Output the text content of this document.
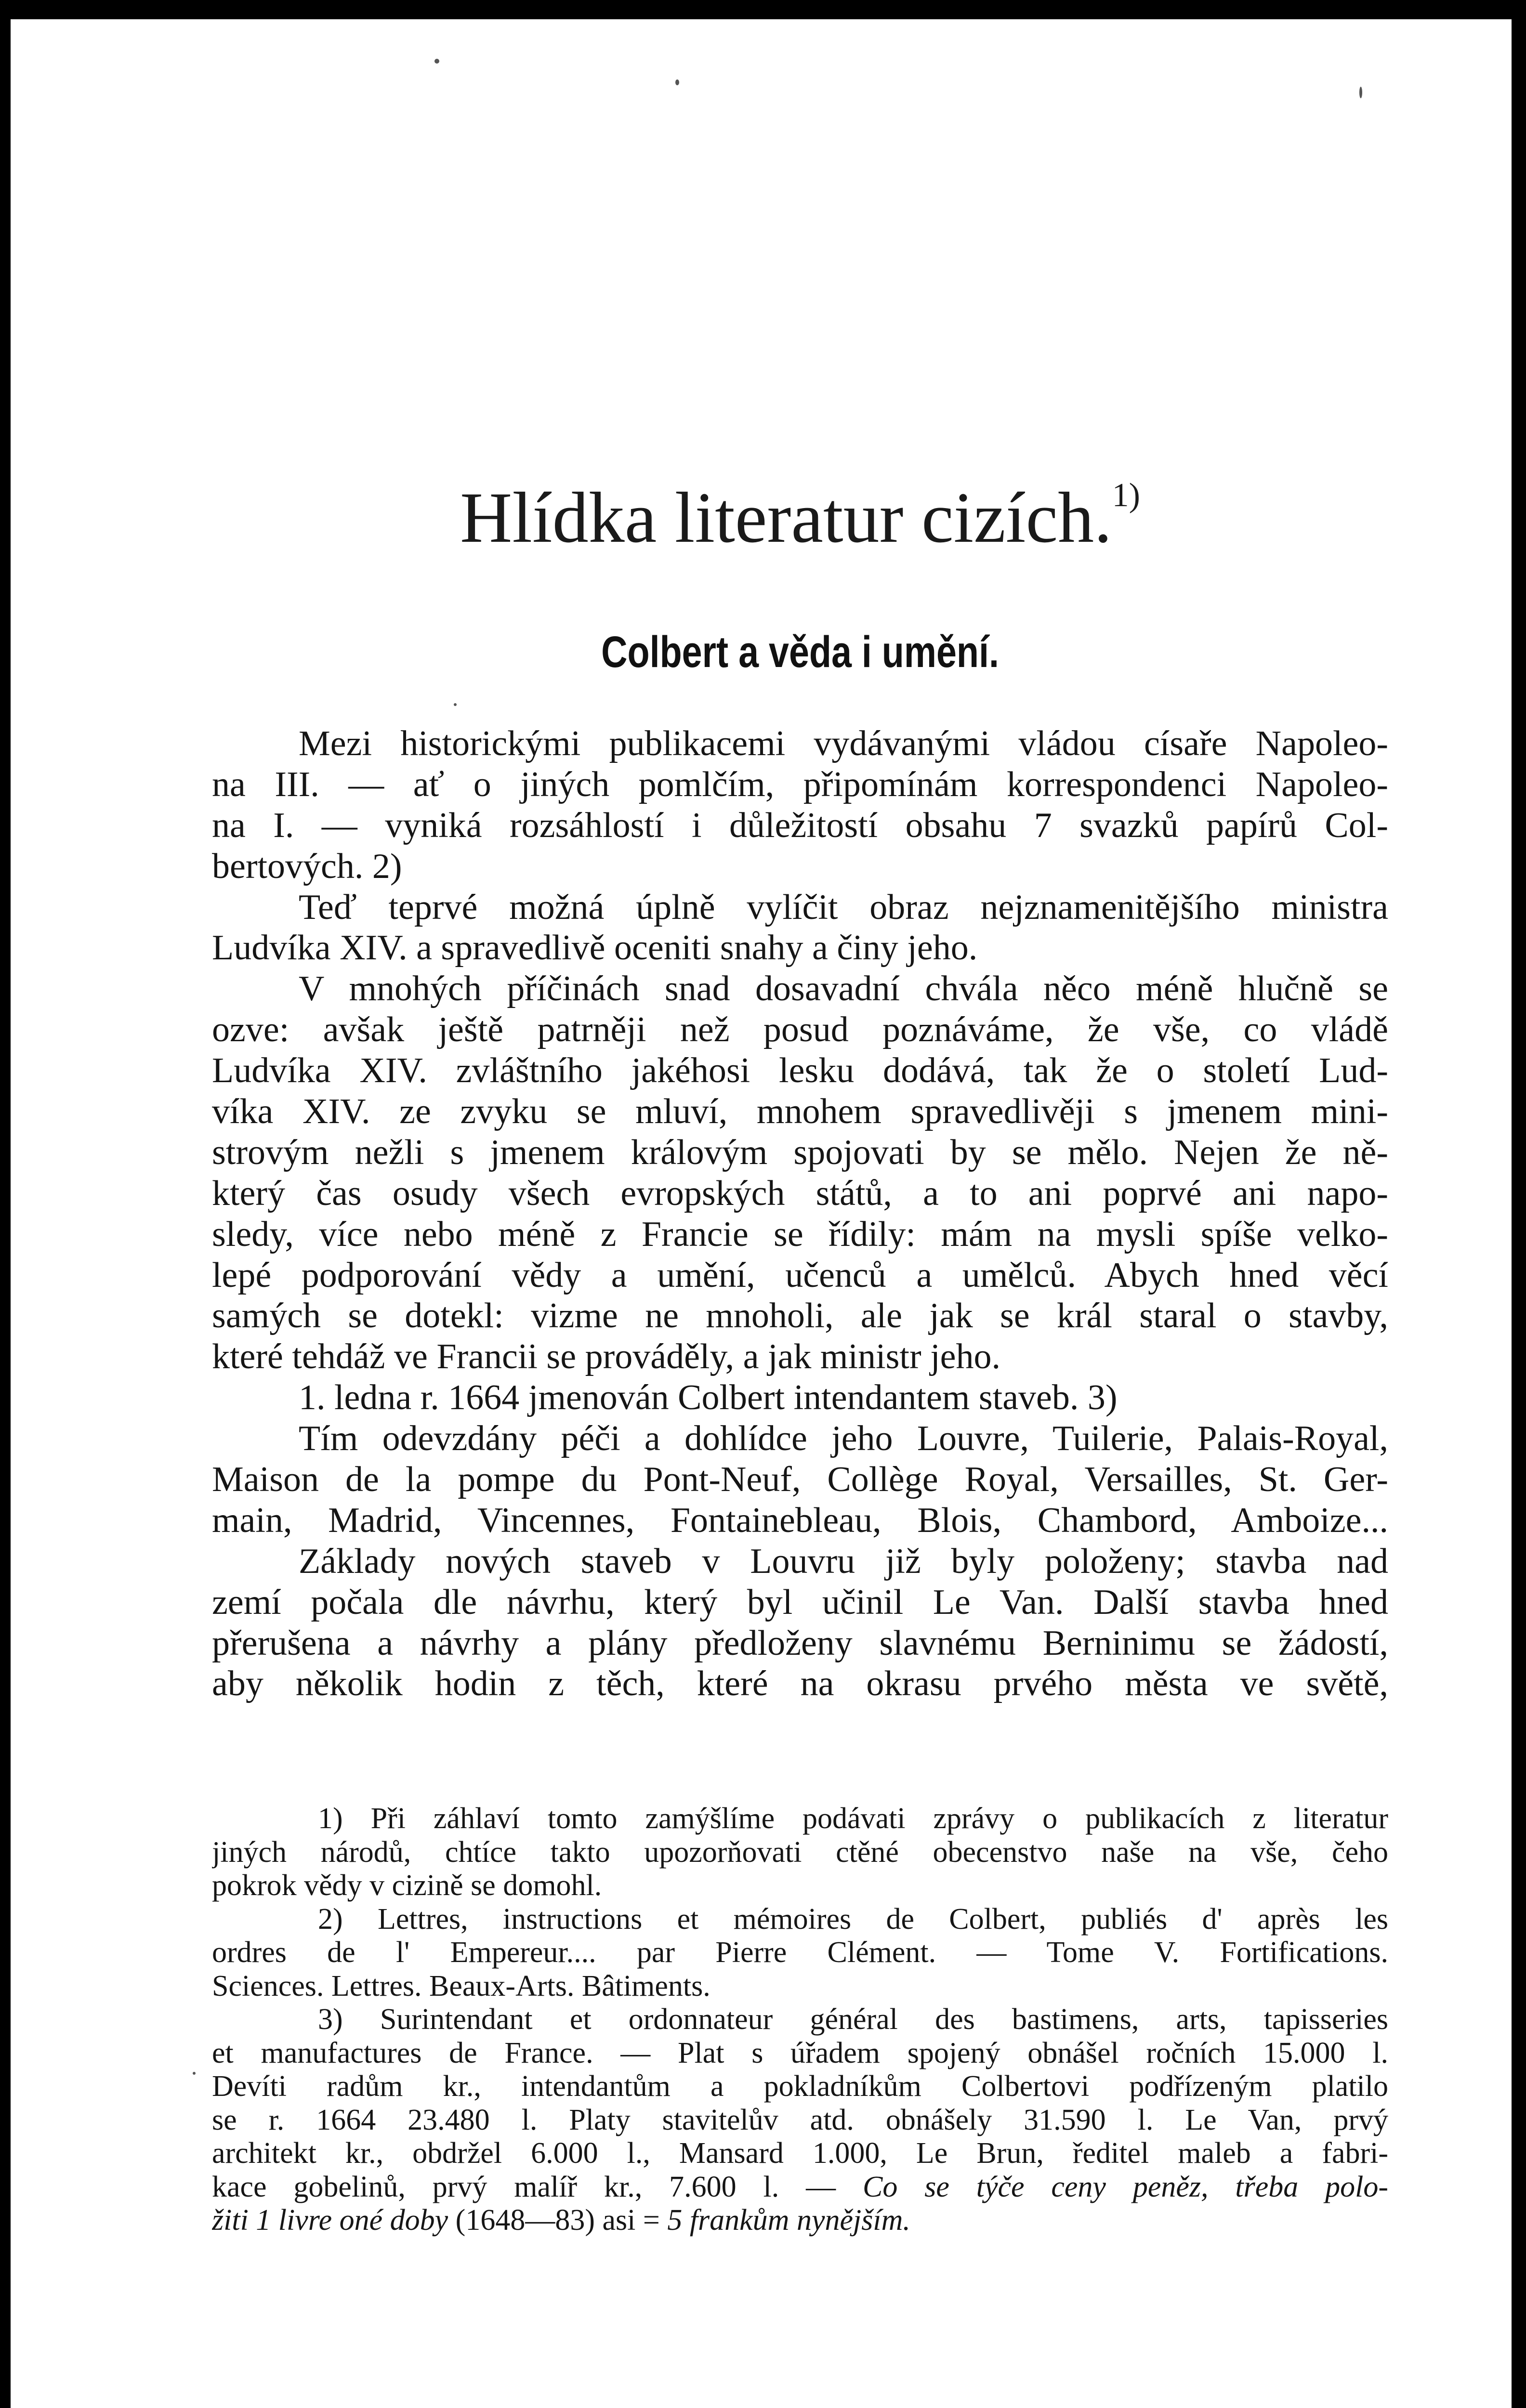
Hlídka literatur cizích.$^{1)}$
Colbert a věda i umění.
Mezi historickými publikacemi vydávanými vládou císaře Napoleo-
na III. — ať o jiných pomlčím, připomínám korrespondenci Napoleo-
na I. — vyniká rozsáhlostí i důležitostí obsahu 7 svazků papírů Col-
bertových. 2)
Teď teprvé možná úplně vylíčit obraz nejznamenitějšího ministra
Ludvíka XIV. a spravedlivě oceniti snahy a činy jeho.
V mnohých příčinách snad dosavadní chvála něco méně hlučně se
ozve: avšak ještě patrněji než posud poznáváme, že vše, co vládě
Ludvíka XIV. zvláštního jakéhosi lesku dodává, tak že o století Lud-
víka XIV. ze zvyku se mluví, mnohem spravedlivěji s jmenem mini-
strovým nežli s jmenem královým spojovati by se mělo. Nejen že ně-
který čas osudy všech evropských států, a to ani poprvé ani napo-
sledy, více nebo méně z Francie se řídily: mám na mysli spíše velko-
lepé podporování vědy a umění, učenců a umělců. Abych hned věcí
samých se dotekl: vizme ne mnoholi, ale jak se král staral o stavby,
které tehdáž ve Francii se prováděly, a jak ministr jeho.
1. ledna r. 1664 jmenován Colbert intendantem staveb. 3)
Tím odevzdány péči a dohlídce jeho Louvre, Tuilerie, Palais-Royal,
Maison de la pompe du Pont-Neuf, Collège Royal, Versailles, St. Ger-
main, Madrid, Vincennes, Fontainebleau, Blois, Chambord, Amboize...
Základy nových staveb v Louvru již byly položeny; stavba nad
zemí počala dle návrhu, který byl učinil Le Van. Další stavba hned
přerušena a návrhy a plány předloženy slavnému Berninimu se žádostí,
aby několik hodin z těch, které na okrasu prvého města ve světě,
1) Při záhlaví tomto zamýšlíme podávati zprávy o publikacích z literatur
jiných národů, chtíce takto upozorňovati ctěné obecenstvo naše na vše, čeho
pokrok vědy v cizině se domohl.
2) Lettres, instructions et mémoires de Colbert, publiés d' après les
ordres de l' Empereur.... par Pierre Clément. — Tome V. Fortifications.
Sciences. Lettres. Beaux-Arts. Bâtiments.
3) Surintendant et ordonnateur général des bastimens, arts, tapisseries
et manufactures de France. — Plat s úřadem spojený obnášel ročních 15.000 l.
Devíti radům kr., intendantům a pokladníkům Colbertovi podřízeným platilo
se r. 1664 23.480 l. Platy stavitelův atd. obnášely 31.590 l. Le Van, prvý
architekt kr., obdržel 6.000 l., Mansard 1.000, Le Brun, ředitel maleb a fabri-
kace gobelinů, prvý malíř kr., 7.600 l. — Co se týče ceny peněz, třeba polo-
žiti 1 livre oné doby (1648—83) asi = 5 frankům nynějším.
